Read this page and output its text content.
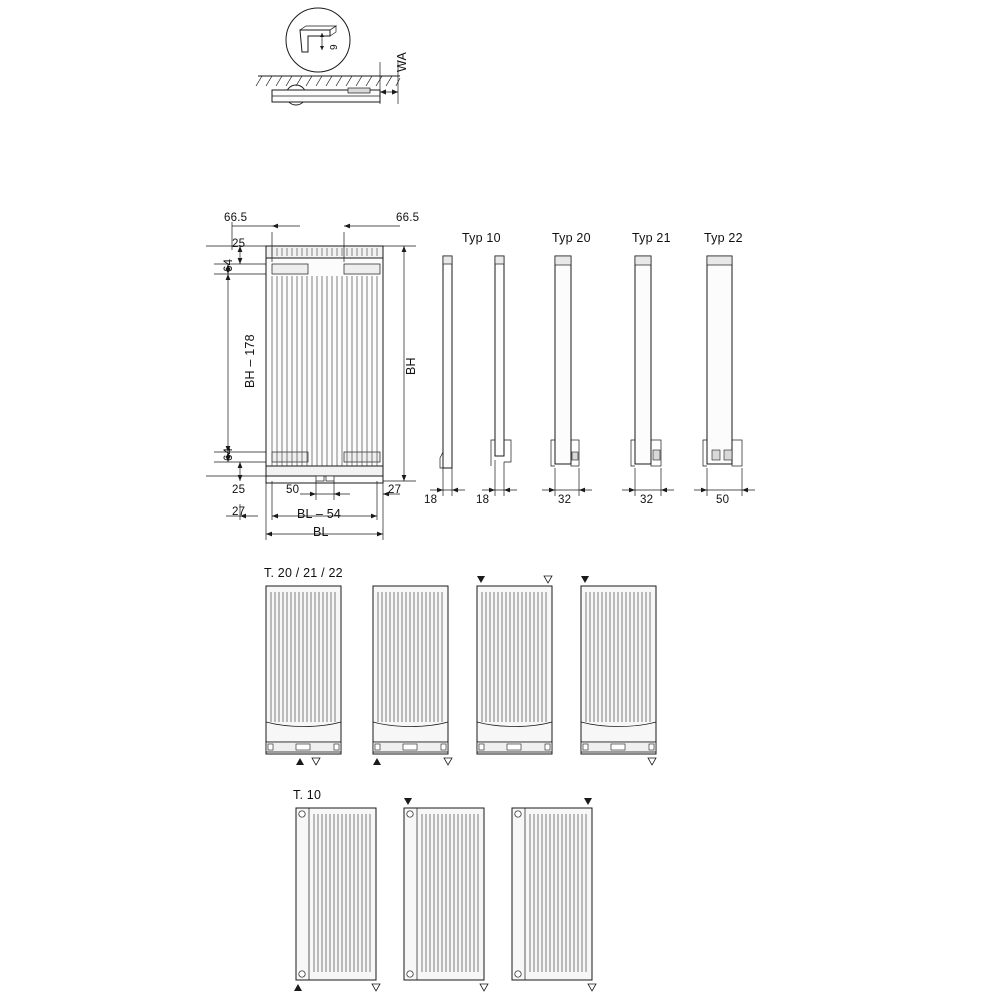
WA
9
66.5	66.5
25
64
BH – 178	BH
64
25	50	27
27	BL – 54
BL
Typ 10	Typ 20	Typ 21	Typ 22
18	18	32	32	50
T. 20 / 21 / 22
T. 10
